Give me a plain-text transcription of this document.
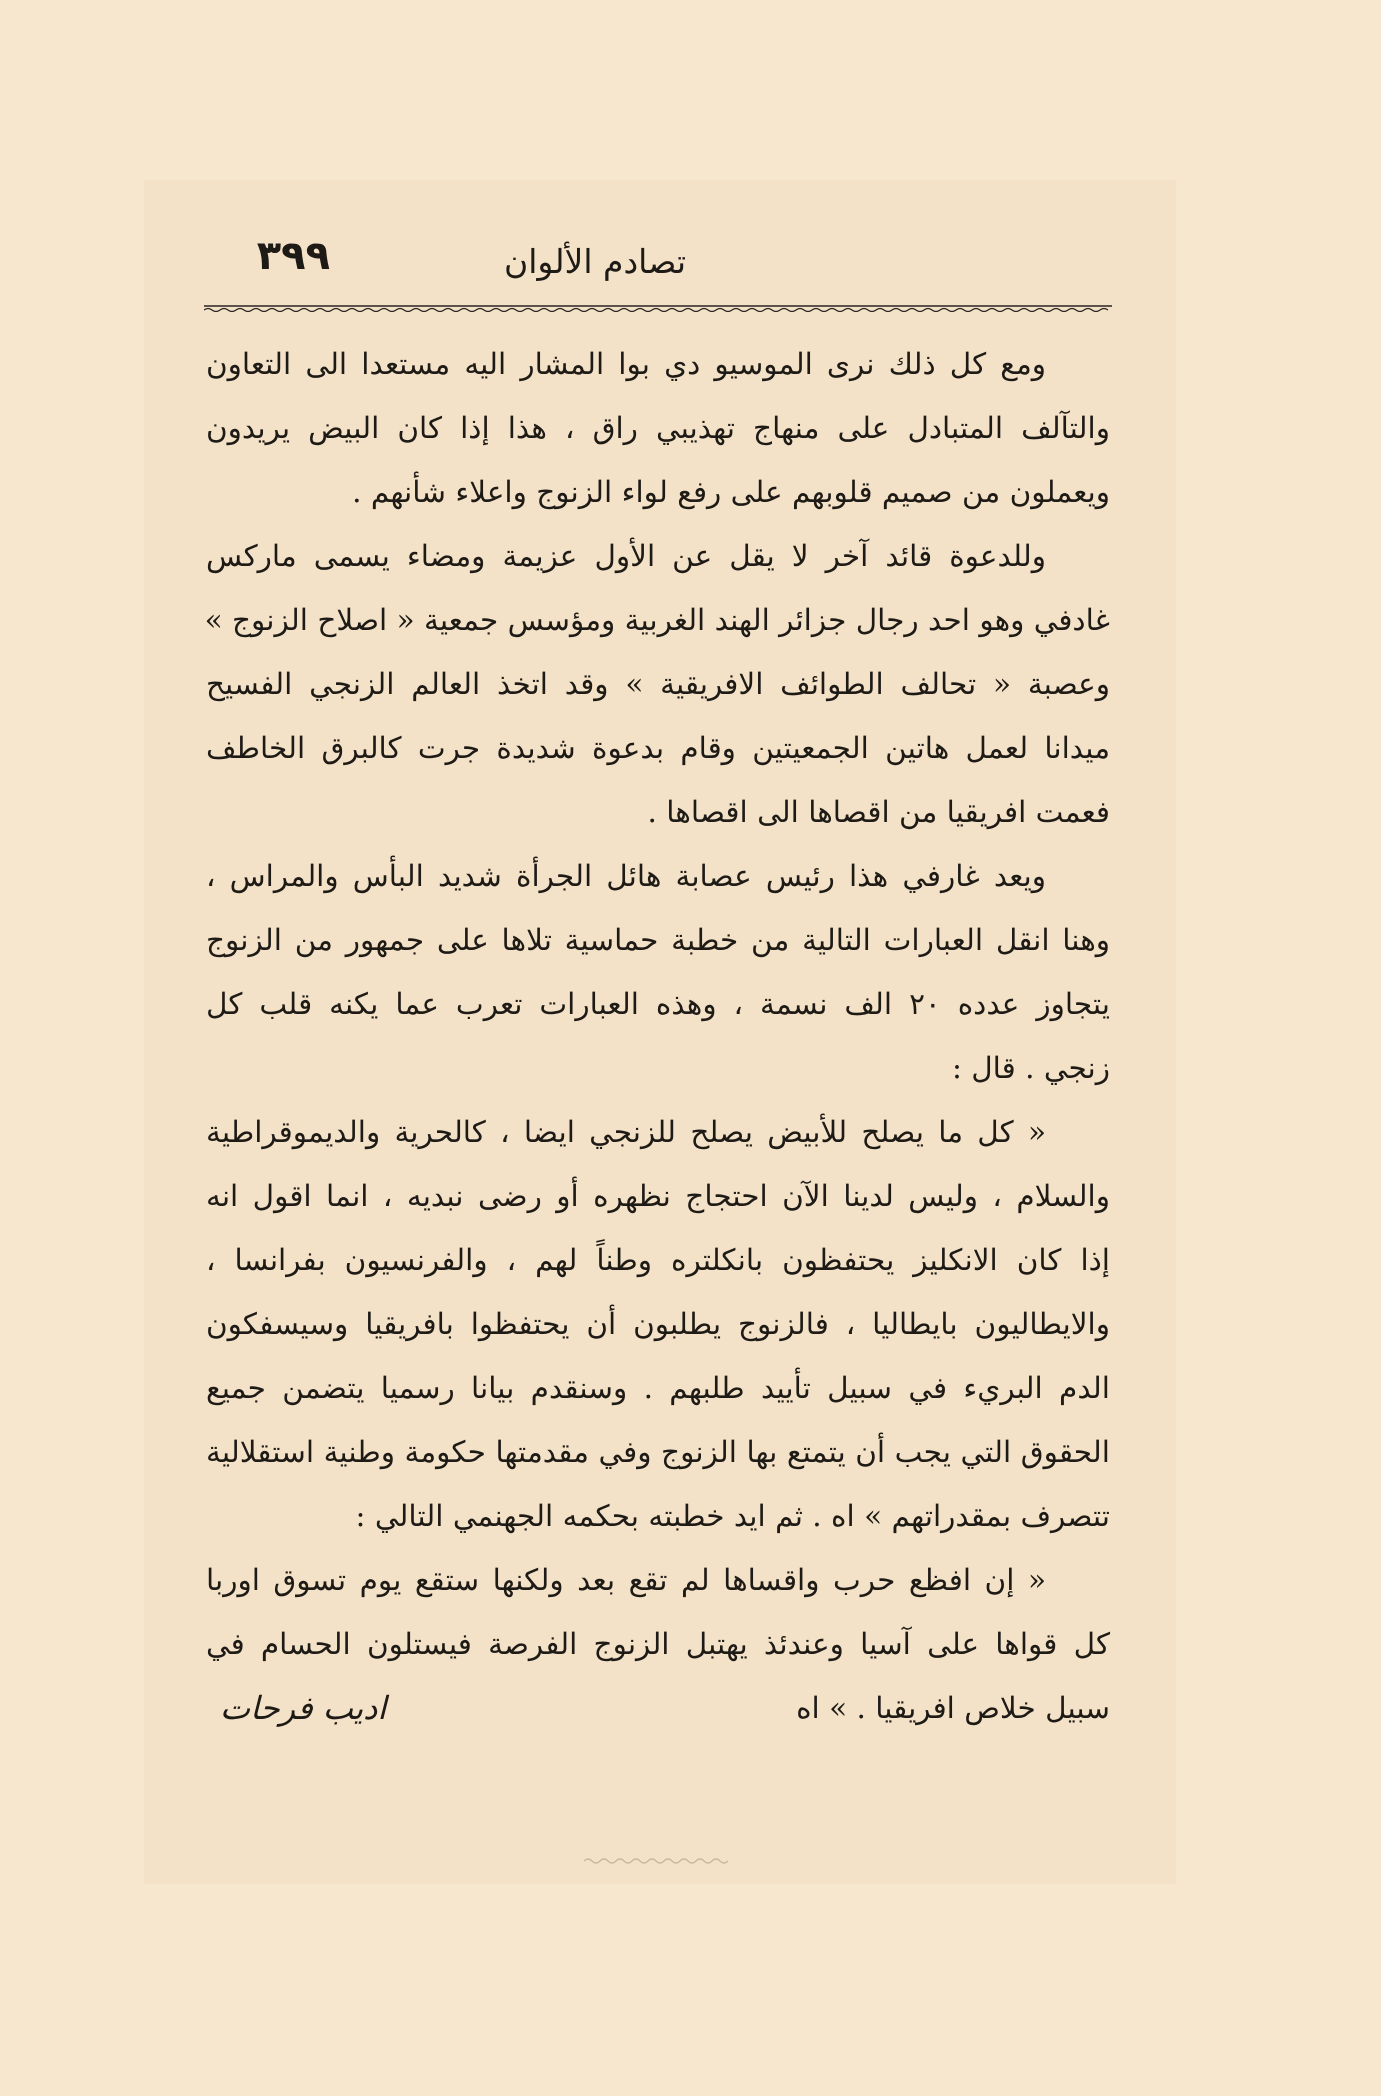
تصادم الألوان
٣٩٩
ومع كل ذلك نرى الموسيو دي بوا المشار اليه مستعدا الى التعاون
والتآلف المتبادل على منهاج تهذيبي راق ، هذا إذا كان البيض يريدون
ويعملون من صميم قلوبهم على رفع لواء الزنوج واعلاء شأنهم .
وللدعوة قائد آخر لا يقل عن الأول عزيمة ومضاء يسمى ماركس
غادفي وهو احد رجال جزائر الهند الغربية ومؤسس جمعية « اصلاح الزنوج »
وعصبة « تحالف الطوائف الافريقية » وقد اتخذ العالم الزنجي الفسيح
ميدانا لعمل هاتين الجمعيتين وقام بدعوة شديدة جرت كالبرق الخاطف
فعمت افريقيا من اقصاها الى اقصاها .
ويعد غارفي هذا رئيس عصابة هائل الجرأة شديد البأس والمراس ،
وهنا انقل العبارات التالية من خطبة حماسية تلاها على جمهور من الزنوج
يتجاوز عدده ٢٠ الف نسمة ، وهذه العبارات تعرب عما يكنه قلب كل
زنجي . قال :
« كل ما يصلح للأبيض يصلح للزنجي ايضا ، كالحرية والديموقراطية
والسلام ، وليس لدينا الآن احتجاج نظهره أو رضى نبديه ، انما اقول انه
إذا كان الانكليز يحتفظون بانكلتره وطناً لهم ، والفرنسيون بفرانسا ،
والايطاليون بايطاليا ، فالزنوج يطلبون أن يحتفظوا بافريقيا وسيسفكون
الدم البريء في سبيل تأييد طلبهم . وسنقدم بيانا رسميا يتضمن جميع
الحقوق التي يجب أن يتمتع بها الزنوج وفي مقدمتها حكومة وطنية استقلالية
تتصرف بمقدراتهم » اه . ثم ايد خطبته بحكمه الجهنمي التالي :
« إن افظع حرب واقساها لم تقع بعد ولكنها ستقع يوم تسوق اوربا
كل قواها على آسيا وعندئذ يهتبل الزنوج الفرصة فيستلون الحسام في
سبيل خلاص افريقيا . » اه
اديب فرحات
